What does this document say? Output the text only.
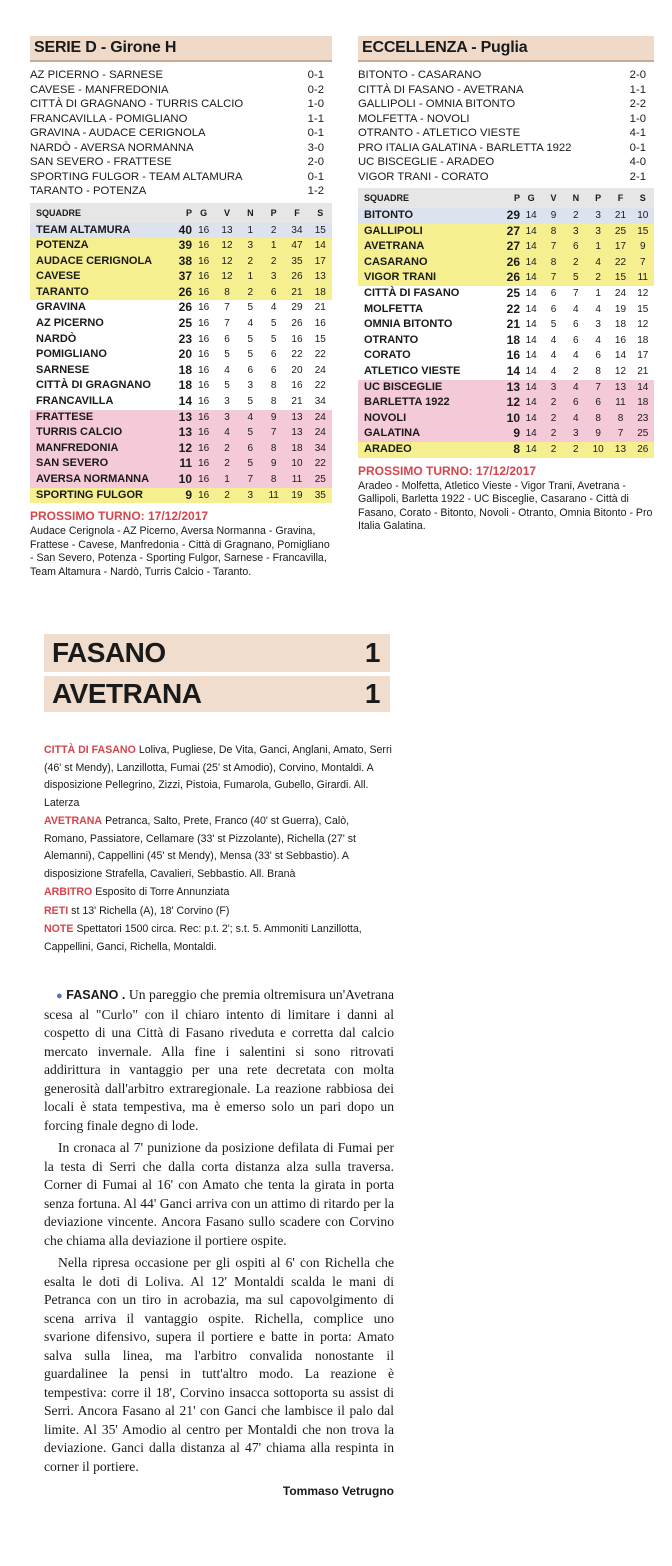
SERIE D - Girone H
AZ PICERNO - SARNESE	0-1
CAVESE - MANFREDONIA	0-2
CITTÀ DI GRAGNANO - TURRIS CALCIO	1-0
FRANCAVILLA - POMIGLIANO	1-1
GRAVINA - AUDACE CERIGNOLA	0-1
NARDÒ - AVERSA NORMANNA	3-0
SAN SEVERO - FRATTESE	2-0
SPORTING FULGOR - TEAM ALTAMURA	0-1
TARANTO - POTENZA	1-2
SQUADRE	P G	V	N	P	F	S
TEAM ALTAMURA	40 16	13	1	2	34	15
POTENZA	39 16	12	3	1	47	14
AUDACE CERIGNOLA	38 16	12	2	2	35	17
CAVESE	37 16	12	1	3	26	13
TARANTO	26 16	8	2	6	21	18
GRAVINA	26 16	7	5	4	29	21
AZ PICERNO	25 16	7	4	5	26	16
NARDÒ	23 16	6	5	5	16	15
POMIGLIANO	20 16	5	5	6	22	22
SARNESE	18 16	4	6	6	20	24
CITTÀ DI GRAGNANO	18 16	5	3	8	16	22
FRANCAVILLA	14 16	3	5	8	21	34
FRATTESE	13 16	3	4	9	13	24
TURRIS CALCIO	13 16	4	5	7	13	24
MANFREDONIA	12 16	2	6	8	18	34
SAN SEVERO	11 16	2	5	9	10	22
AVERSA NORMANNA	10 16	1	7	8	11	25
SPORTING FULGOR	9 16	2	3	11	19	35
PROSSIMO TURNO: 17/12/2017
Audace Cerignola - AZ Picerno, Aversa Normanna - Gravina, Frattese - Cavese, Manfredonia - Città di Gragnano, Pomigliano - San Severo, Potenza - Sporting Fulgor, Sarnese - Francavilla, Team Altamura - Nardò, Turris Calcio - Taranto.
ECCELLENZA - Puglia
BITONTO - CASARANO	2-0
CITTÀ DI FASANO - AVETRANA	1-1
GALLIPOLI - OMNIA BITONTO	2-2
MOLFETTA - NOVOLI	1-0
OTRANTO - ATLETICO VIESTE	4-1
PRO ITALIA GALATINA - BARLETTA 1922	0-1
UC BISCEGLIE - ARADEO	4-0
VIGOR TRANI - CORATO	2-1
SQUADRE	P G	V	N	P	F	S
BITONTO	29 14	9	2	3	21	10
GALLIPOLI	27 14	8	3	3	25	15
AVETRANA	27 14	7	6	1	17	9
CASARANO	26 14	8	2	4	22	7
VIGOR TRANI	26 14	7	5	2	15	11
CITTÀ DI FASANO	25 14	6	7	1	24	12
MOLFETTA	22 14	6	4	4	19	15
OMNIA BITONTO	21 14	5	6	3	18	12
OTRANTO	18 14	4	6	4	16	18
CORATO	16 14	4	4	6	14	17
ATLETICO VIESTE	14 14	4	2	8	12	21
UC BISCEGLIE	13 14	3	4	7	13	14
BARLETTA 1922	12 14	2	6	6	11	18
NOVOLI	10 14	2	4	8	8	23
GALATINA	9 14	2	3	9	7	25
ARADEO	8 14	2	2	10	13	26
PROSSIMO TURNO: 17/12/2017
Aradeo - Molfetta, Atletico Vieste - Vigor Trani, Avetrana - Gallipoli, Barletta 1922 - UC Bisceglie, Casarano - Città di Fasano, Corato - Bitonto, Novoli - Otranto, Omnia Bitonto - Pro Italia Galatina.
FASANO	1
AVETRANA	1

CITTÀ DI FASANO Loliva, Pugliese, De Vita, Ganci, Anglani, Amato, Serri (46' st Mendy), Lanzillotta, Fumai (25' st Amodio), Corvino, Montaldi. A disposizione Pellegrino, Zizzi, Pistoia, Fumarola, Gubello, Girardi. All. Laterza

AVETRANA Petranca, Salto, Prete, Franco (40' st Guerra), Calò, Romano, Passiatore, Cellamare (33' st Pizzolante), Richella (27' st Alemanni), Cappellini (45' st Mendy), Mensa (33' st Sebbastio). A disposizione Strafella, Cavalieri, Sebbastio. All. Branà

ARBITRO Esposito di Torre Annunziata

RETI st 13' Richella (A), 18' Corvino (F)

NOTE Spettatori 1500 circa. Rec: p.t. 2'; s.t. 5. Ammoniti Lanzillotta, Cappellini, Ganci, Richella, Montaldi.

● FASANO . Un pareggio che premia oltremisura un'Avetrana scesa al "Curlo" con il chiaro intento di limitare i danni al cospetto di una Città di Fasano riveduta e corretta dal calcio mercato invernale. Alla fine i salentini si sono ritrovati addirittura in vantaggio per una rete decretata con molta generosità dall'arbitro extraregionale. La reazione rabbiosa dei locali è stata tempestiva, ma è emerso solo un pari dopo un forcing finale degno di lode.

In cronaca al 7' punizione da posizione defilata di Fumai per la testa di Serri che dalla corta distanza alza sulla traversa. Corner di Fumai al 16' con Amato che tenta la girata in porta senza fortuna. Al 44' Ganci arriva con un attimo di ritardo per la deviazione vincente. Ancora Fasano sullo scadere con Corvino che chiama alla deviazione il portiere ospite.

Nella ripresa occasione per gli ospiti al 6' con Richella che esalta le doti di Loliva. Al 12' Montaldi scalda le mani di Petranca con un tiro in acrobazia, ma sul capovolgimento di scena arriva il vantaggio ospite. Richella, complice uno svarione difensivo, supera il portiere e batte in porta: Amato salva sulla linea, ma l'arbitro convalida nonostante il guardalinee la pensi in tutt'altro modo. La reazione è tempestiva: corre il 18', Corvino insacca sottoporta su assist di Serri. Ancora Fasano al 21' con Ganci che lambisce il palo dal limite. Al 35' Amodio al centro per Montaldi che non trova la deviazione. Ganci dalla distanza al 47' chiama alla respinta in corner il portiere.

Tommaso Vetrugno
